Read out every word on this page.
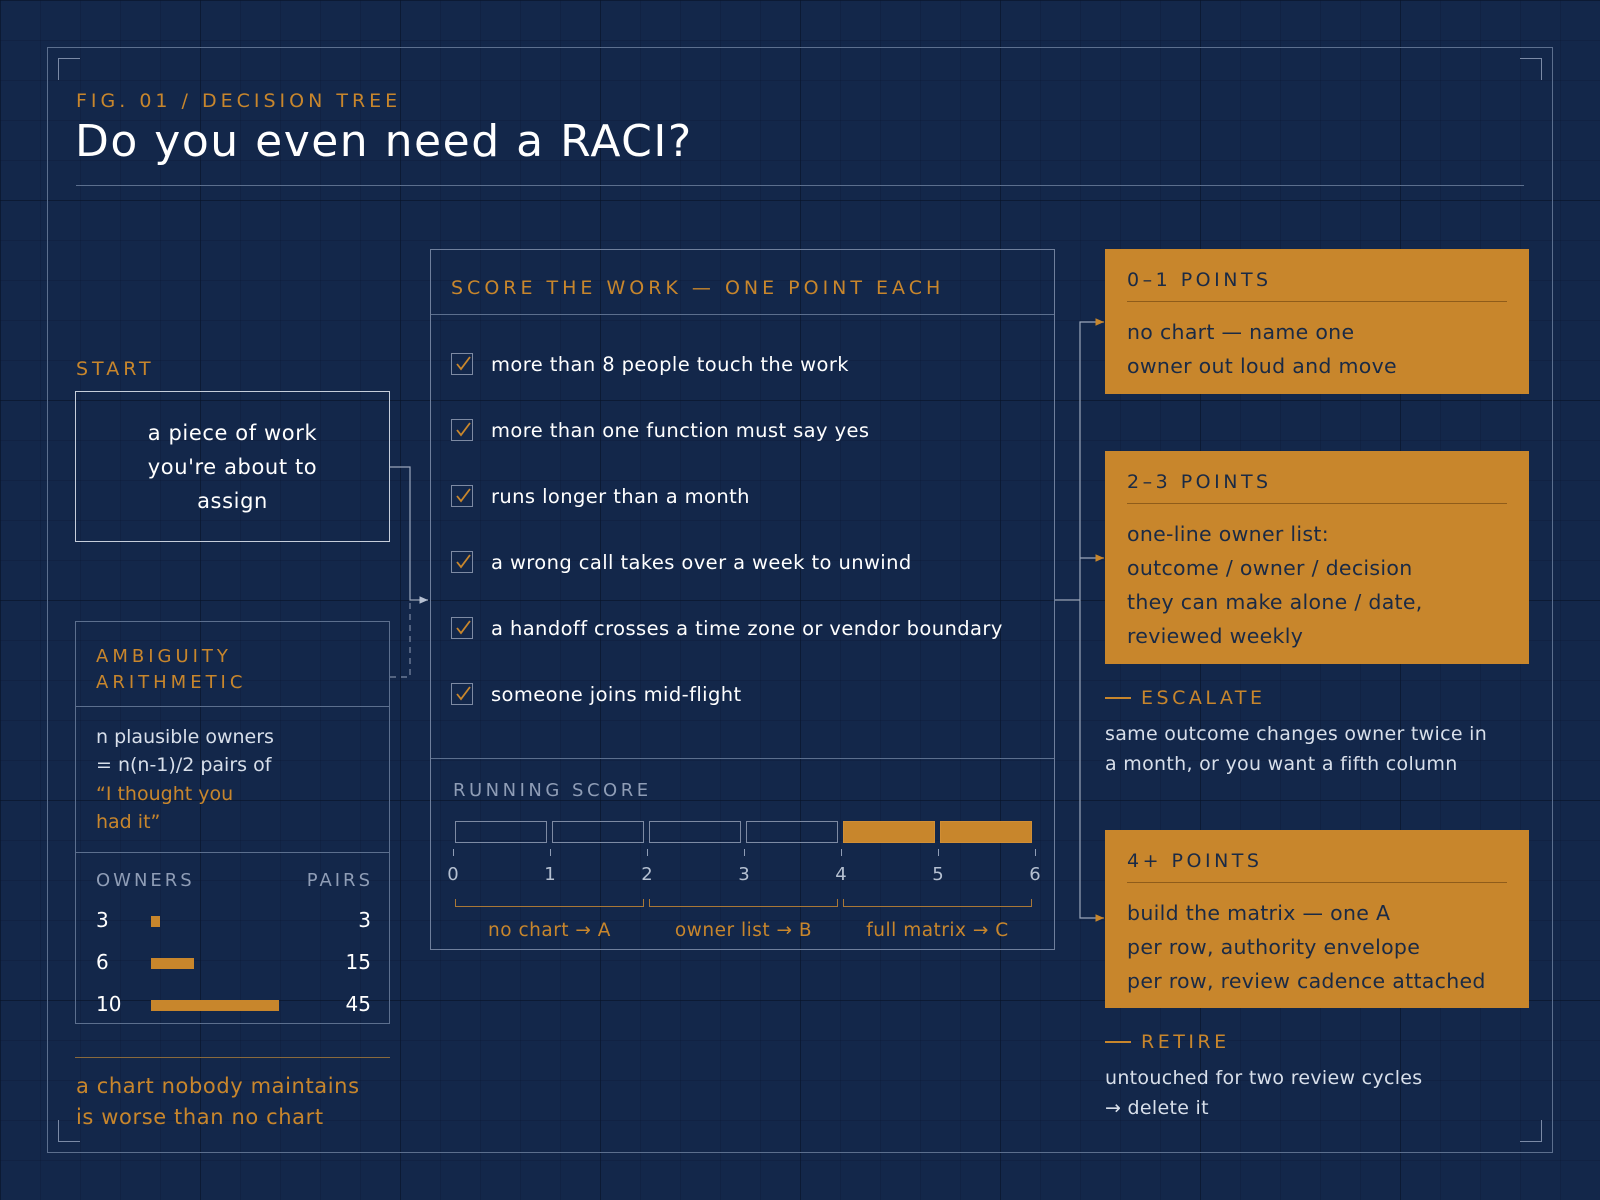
FIG. 01 / DECISION TREE
Do you even need a RACI?
START
a piece of work you're about to assign
AMBIGUITY
ARITHMETIC
n plausible owners
= n(n-1)/2 pairs of
“I thought you
had it”
OWNERS	PAIRS
3	3
6	15
10	45
a chart nobody maintains
is worse than no chart
SCORE THE WORK — ONE POINT EACH
more than 8 people touch the work
more than one function must say yes
runs longer than a month
a wrong call takes over a week to unwind
a handoff crosses a time zone or vendor boundary
someone joins mid-flight
RUNNING SCORE
0	1	2	3	4	5	6
no chart → A	owner list → B	full matrix → C
0–1 POINTS
no chart — name one
owner out loud and move
2–3 POINTS
one-line owner list:
outcome / owner / decision
they can make alone / date,
reviewed weekly
ESCALATE
same outcome changes owner twice in
a month, or you want a fifth column
4+ POINTS
build the matrix — one A
per row, authority envelope
per row, review cadence attached
RETIRE
untouched for two review cycles
→ delete it
